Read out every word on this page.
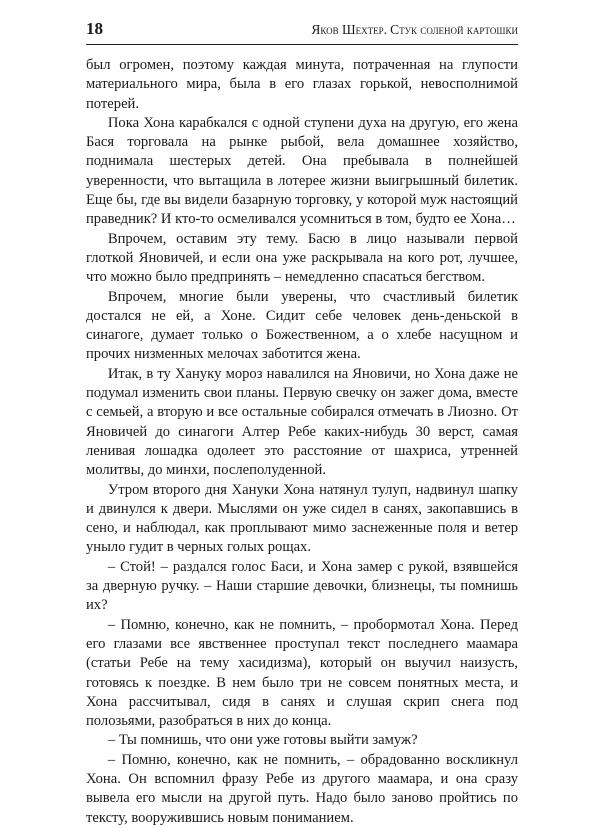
18	Яков Шехтер. Стук соленой картошки

был огромен, поэтому каждая минута, потраченная на глупости материального мира, была в его глазах горькой, невосполнимой потерей.

Пока Хона карабкался с одной ступени духа на другую, его жена Бася торговала на рынке рыбой, вела домашнее хозяйство, поднимала шестерых детей. Она пребывала в полнейшей уверенности, что вытащила в лотерее жизни выигрышный билетик. Еще бы, где вы видели базарную торговку, у которой муж настоящий праведник? И кто-то осмеливался усомниться в том, будто ее Хона…

Впрочем, оставим эту тему. Басю в лицо называли первой глоткой Яновичей, и если она уже раскрывала на кого рот, лучшее, что можно было предпринять – немедленно спасаться бегством.

Впрочем, многие были уверены, что счастливый билетик достался не ей, а Хоне. Сидит себе человек день-деньской в синагоге, думает только о Божественном, а о хлебе насущном и прочих низменных мелочах заботится жена.

Итак, в ту Ханукy мороз навалился на Яновичи, но Хона даже не подумал изменить свои планы. Первую свечку он зажег дома, вместе с семьей, а вторую и все остальные собирался отмечать в Лиозно. От Яновичей до синагоги Алтер Ребе каких-нибудь 30 верст, самая ленивая лошадка одолеет это расстояние от шахриса, утренней молитвы, до минхи, послеполуденной.

Утром второго дня Хануки Хона натянул тулуп, надвинул шапку и двинулся к двери. Мыслями он уже сидел в санях, закопавшись в сено, и наблюдал, как проплывают мимо заснеженные поля и ветер уныло гудит в черных голых рощах.

– Стой! – раздался голос Баси, и Хона замер с рукой, взявшейся за дверную ручку. – Наши старшие девочки, близнецы, ты помнишь их?

– Помню, конечно, как не помнить, – пробормотал Хона. Перед его глазами все явственнее проступал текст последнего маамара (статьи Ребе на тему хасидизма), который он выучил наизусть, готовясь к поездке. В нем было три не совсем понятных места, и Хона рассчитывал, сидя в санях и слушая скрип снега под полозьями, разобраться в них до конца.

– Ты помнишь, что они уже готовы выйти замуж?

– Помню, конечно, как не помнить, – обрадованно воскликнул Хона. Он вспомнил фразу Ребе из другого маамара, и она сразу вывела его мысли на другой путь. Надо было заново пройтись по тексту, вооружившись новым пониманием.
